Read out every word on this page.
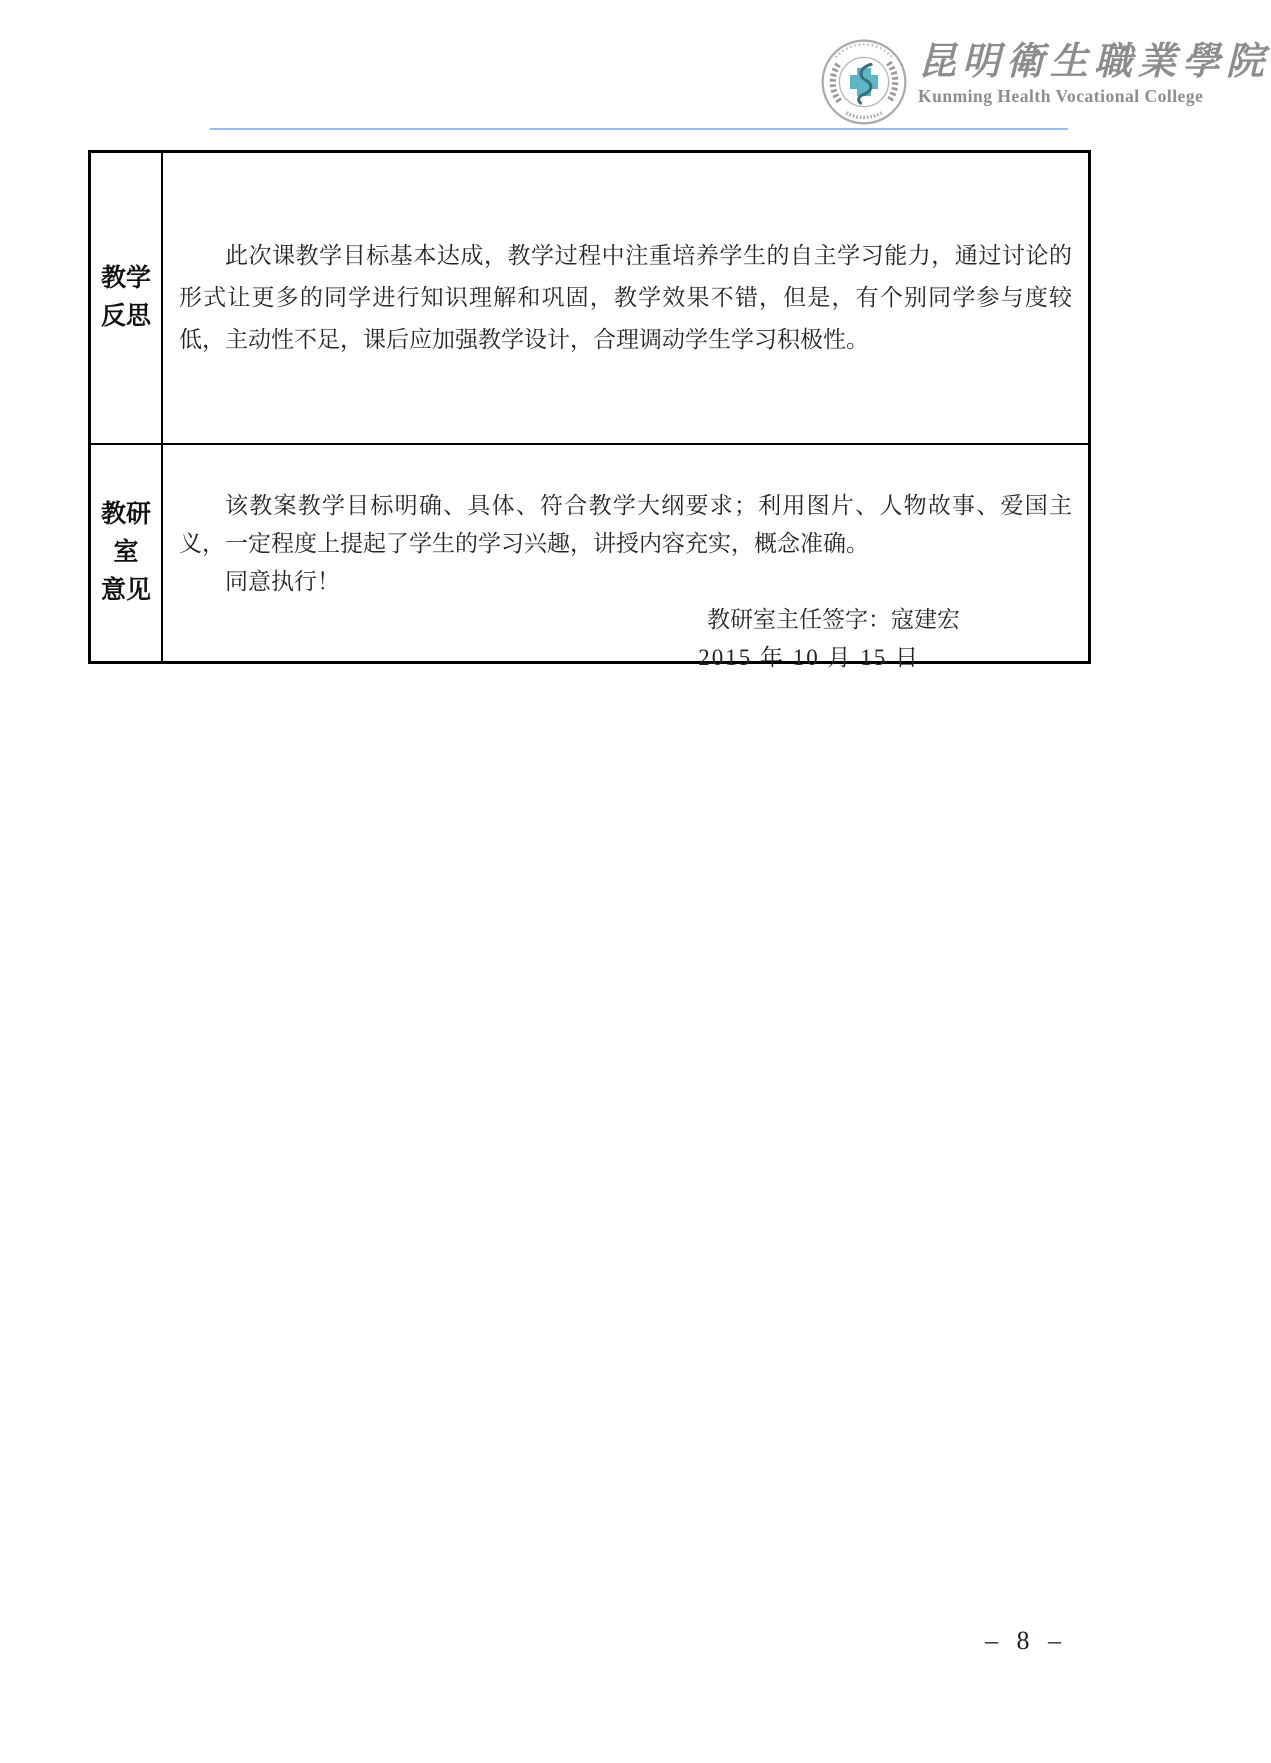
昆明衛生職業學院
Kunming Health Vocational College
教学
反思

此次课教学目标基本达成，教学过程中注重培养学生的自主学习能力，通过讨论的形式让更多的同学进行知识理解和巩固，教学效果不错，但是，有个别同学参与度较低，主动性不足，课后应加强教学设计，合理调动学生学习积极性。

教研
室
意见

该教案教学目标明确、具体、符合教学大纲要求；利用图片、人物故事、爱国主义，一定程度上提起了学生的学习兴趣，讲授内容充实，概念准确。

同意执行！

教研室主任签字：寇建宏

2015 年 10 月 15 日

– 8 –
